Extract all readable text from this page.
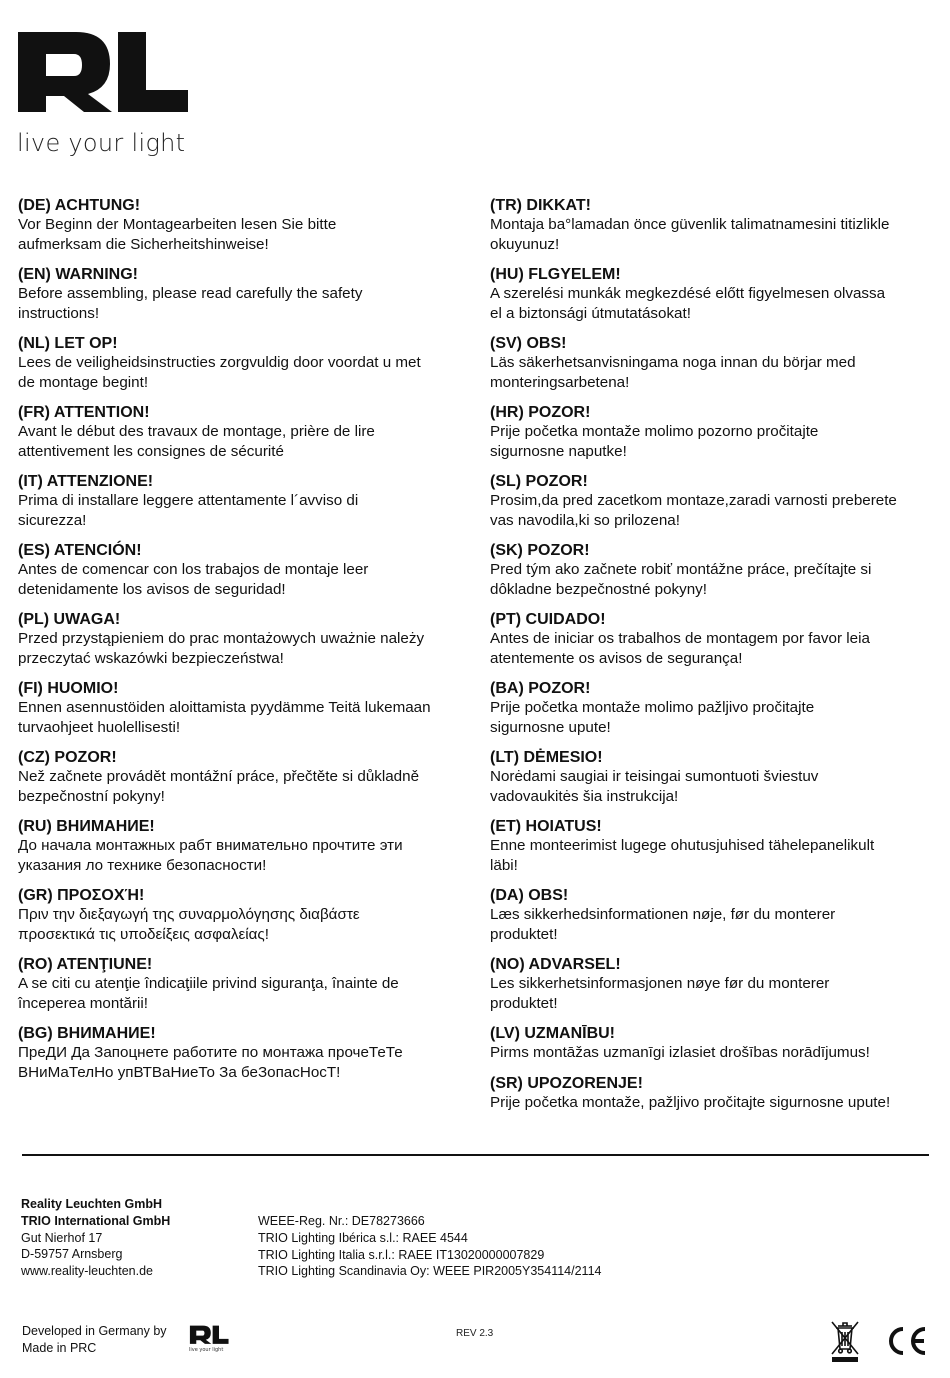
live your light
(DE) ACHTUNG!
Vor Beginn der Montagearbeiten lesen Sie bitte
aufmerksam die Sicherheitshinweise!
(EN) WARNING!
Before assembling, please read carefully the safety
instructions!
(NL) LET OP!
Lees de veiligheidsinstructies zorgvuldig door voordat u met
de montage begint!
(FR) ATTENTION!
Avant le début des travaux de montage, prière de lire
attentivement les consignes de sécurité
(IT) ATTENZIONE!
Prima di installare leggere attentamente l´avviso di
sicurezza!
(ES) ATENCIÓN!
Antes de comencar con los trabajos de montaje leer
detenidamente los avisos de seguridad!
(PL) UWAGA!
Przed przystąpieniem do prac montażowych uważnie należy
przeczytać wskazówki bezpieczeństwa!
(FI) HUOMIO!
Ennen asennustöiden aloittamista pyydämme Teitä lukemaan
turvaohjeet huolellisesti!
(CZ) POZOR!
Než začnete provádět montážní práce, přečtěte si důkladně
bezpečnostní pokyny!
(RU) ВНИМАНИЕ!
До начала монтажных рабт внимательно прочтите эти
указания ло технике безопасности!
(GR) ΠΡΟΣΟΧΉ!
Πριν την διεξαγωγή της συναρμολόγησης διαβάστε
προσεκτικά τις υποδείξεις ασφαλείας!
(RO) ATENŢIUNE!
A se citi cu atenţie îndicaţiile privind siguranţa, înainte de
începerea montării!
(BG) ВНИМАНИЕ!
ПреДИ Да Запоцнете работите по монтажа прочеТеТе
ВНиМаТелНо упВТВаНиеТо За беЗопасНосТ!
(TR) DIKKAT!
Montaja ba°lamadan önce güvenlik talimatnamesini titizlikle
okuyunuz!
(HU) FLGYELEM!
A szerelési munkák megkezdésé előtt figyelmesen olvassa
el a biztonsági útmutatásokat!
(SV) OBS!
Läs säkerhetsanvisningama noga innan du börjar med
monteringsarbetena!
(HR) POZOR!
Prije početka montaže molimo pozorno pročitajte
sigurnosne naputke!
(SL) POZOR!
Prosim,da pred zacetkom montaze,zaradi varnosti preberete
vas navodila,ki so prilozena!
(SK) POZOR!
Pred tým ako začnete robiť montážne práce, prečítajte si
dôkladne bezpečnostné pokyny!
(PT) CUIDADO!
Antes de iniciar os trabalhos de montagem por favor leia
atentemente os avisos de segurança!
(BA) POZOR!
Prije početka montaže molimo pažljivo pročitajte
sigurnosne upute!
(LT) DĖMESIO!
Norėdami saugiai ir teisingai sumontuoti šviestuv
vadovaukitės šia instrukcija!
(ET) HOIATUS!
Enne monteerimist lugege ohutusjuhised tähelepanelikult
läbi!
(DA) OBS!
Læs sikkerhedsinformationen nøje, før du monterer
produktet!
(NO) ADVARSEL!
Les sikkerhetsinformasjonen nøye før du monterer
produktet!
(LV) UZMANĪBU!
Pirms montāžas uzmanīgi izlasiet drošības norādījumus!
(SR) UPOZORENJE!
Prije početka montaže, pažljivo pročitajte sigurnosne upute!
Reality Leuchten GmbH
TRIO International GmbH
Gut Nierhof 17
D-59757 Arnsberg
www.reality-leuchten.de
WEEE-Reg. Nr.: DE78273666
TRIO Lighting Ibérica s.l.: RAEE 4544
TRIO Lighting Italia s.r.l.: RAEE IT13020000007829
TRIO Lighting Scandinavia Oy: WEEE PIR2005Y354114/2114
Developed in Germany by
Made in PRC	live your light
REV 2.3
